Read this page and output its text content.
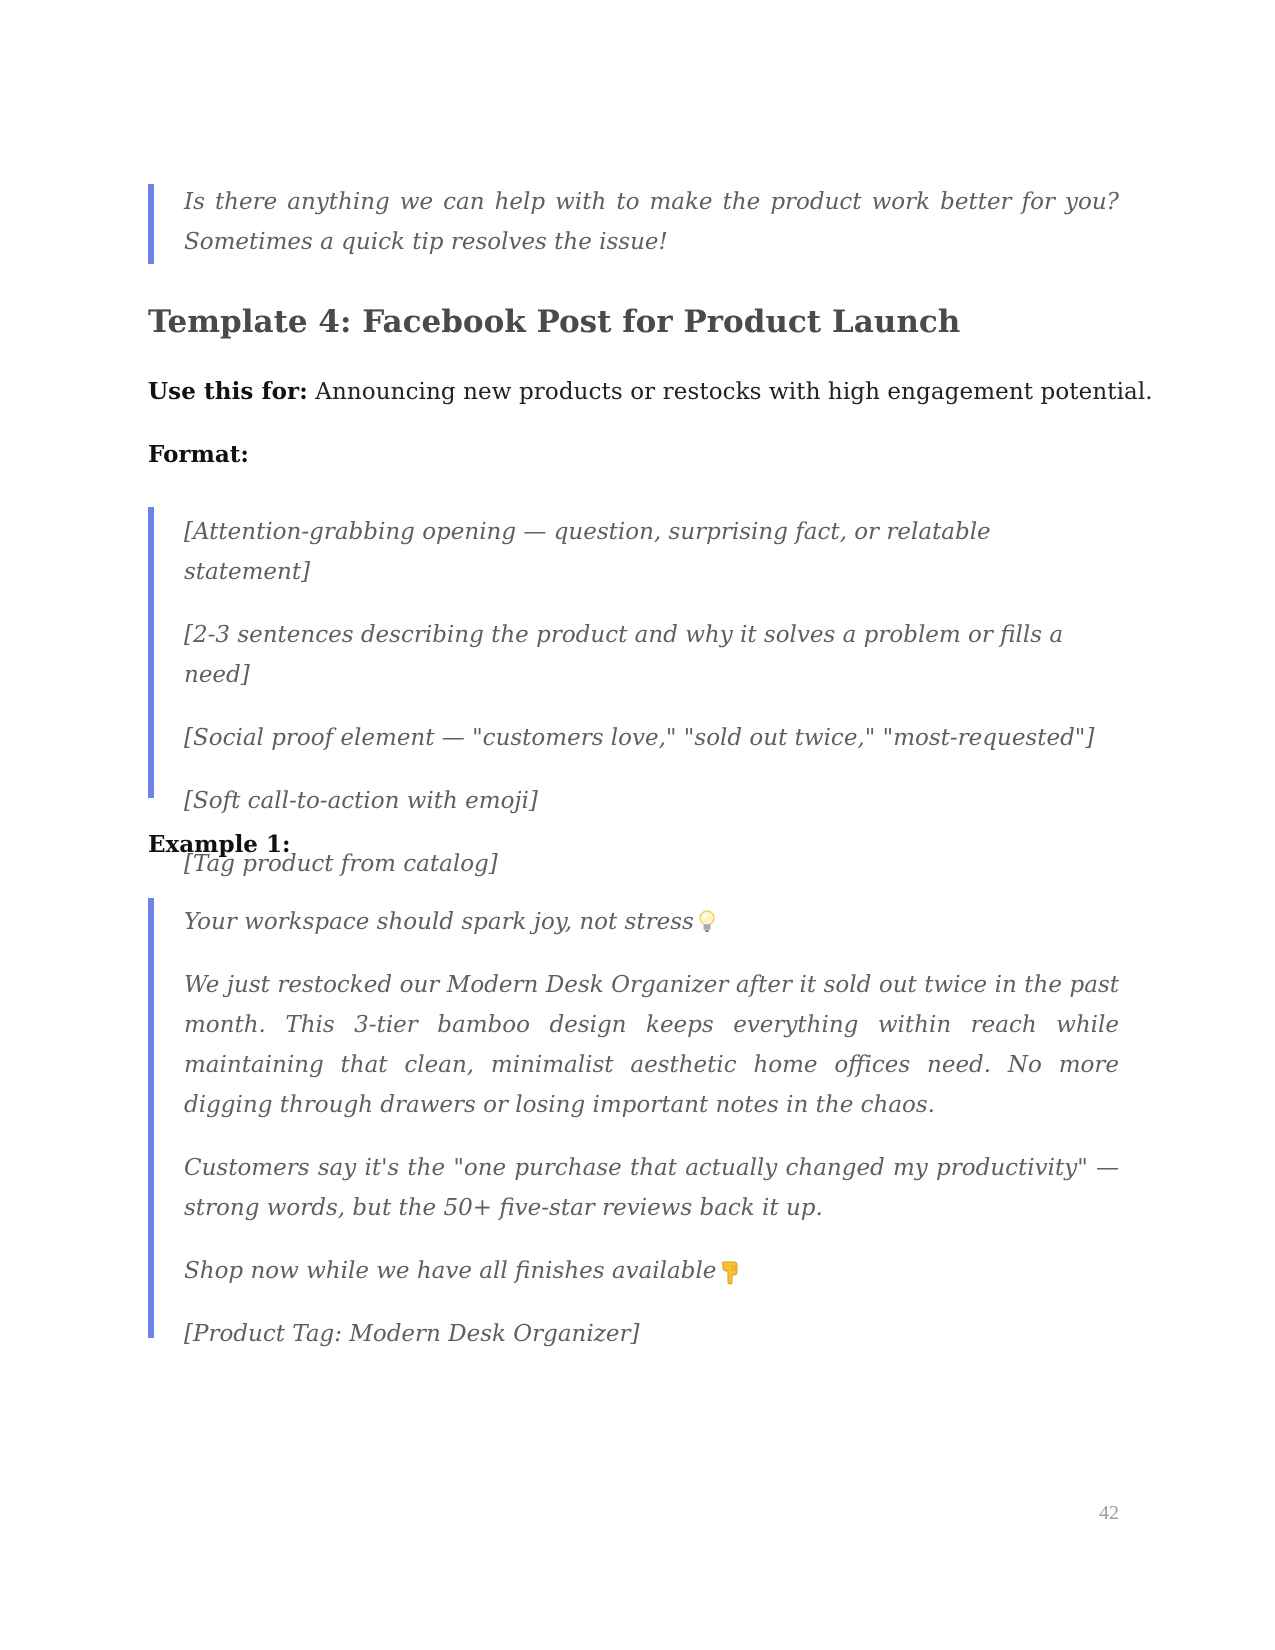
Is there anything we can help with to make the product work better for you? Sometimes a quick tip resolves the issue!

Template 4: Facebook Post for Product Launch

Use this for: Announcing new products or restocks with high engagement potential.

Format:

[Attention-grabbing opening — question, surprising fact, or relatable statement]

[2-3 sentences describing the product and why it solves a problem or fills a need]

[Social proof element — "customers love," "sold out twice," "most-requested"]

[Soft call-to-action with emoji]

[Tag product from catalog]

Example 1:

Your workspace should spark joy, not stress

We just restocked our Modern Desk Organizer after it sold out twice in the past month. This 3-tier bamboo design keeps everything within reach while maintaining that clean, minimalist aesthetic home offices need. No more digging through drawers or losing important notes in the chaos.

Customers say it's the "one purchase that actually changed my productivity" — strong words, but the 50+ five-star reviews back it up.

Shop now while we have all finishes available

[Product Tag: Modern Desk Organizer]

42
